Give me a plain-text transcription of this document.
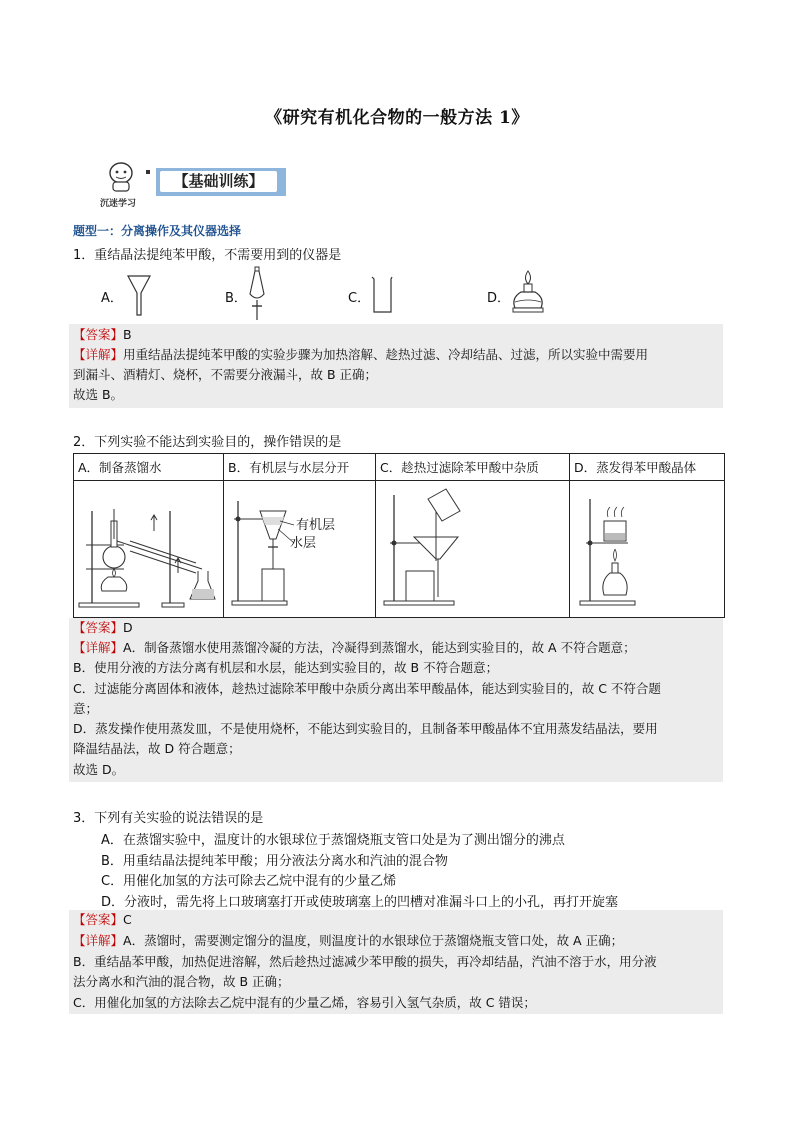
《研究有机化合物的一般方法 1》
沉迷学习
【基础训练】
题型一：分离操作及其仪器选择
1．重结晶法提纯苯甲酸，不需要用到的仪器是
A．	B．	C．	D．
【答案】B
【详解】用重结晶法提纯苯甲酸的实验步骤为加热溶解、趁热过滤、冷却结晶、过滤，所以实验中需要用
到漏斗、酒精灯、烧杯，不需要分液漏斗，故 B 正确；
故选 B。
2．下列实验不能达到实验目的，操作错误的是
A．制备蒸馏水	B．有机层与水层分开	C．趁热过滤除苯甲酸中杂质	D．蒸发得苯甲酸晶体

有机层
水层

【答案】D
【详解】A．制备蒸馏水使用蒸馏冷凝的方法，冷凝得到蒸馏水，能达到实验目的，故 A 不符合题意；
B．使用分液的方法分离有机层和水层，能达到实验目的，故 B 不符合题意；
C．过滤能分离固体和液体，趁热过滤除苯甲酸中杂质分离出苯甲酸晶体，能达到实验目的，故 C 不符合题
意；
D．蒸发操作使用蒸发皿，不是使用烧杯，不能达到实验目的，且制备苯甲酸晶体不宜用蒸发结晶法，要用
降温结晶法，故 D 符合题意；
故选 D。
3．下列有关实验的说法错误的是
A．在蒸馏实验中，温度计的水银球位于蒸馏烧瓶支管口处是为了测出馏分的沸点
B．用重结晶法提纯苯甲酸；用分液法分离水和汽油的混合物
C．用催化加氢的方法可除去乙烷中混有的少量乙烯
D．分液时，需先将上口玻璃塞打开或使玻璃塞上的凹槽对准漏斗口上的小孔，再打开旋塞
【答案】C
【详解】A．蒸馏时，需要测定馏分的温度，则温度计的水银球位于蒸馏烧瓶支管口处，故 A 正确；
B．重结晶苯甲酸，加热促进溶解，然后趁热过滤减少苯甲酸的损失，再冷却结晶，汽油不溶于水，用分液
法分离水和汽油的混合物，故 B 正确；
C．用催化加氢的方法除去乙烷中混有的少量乙烯，容易引入氢气杂质，故 C 错误；
